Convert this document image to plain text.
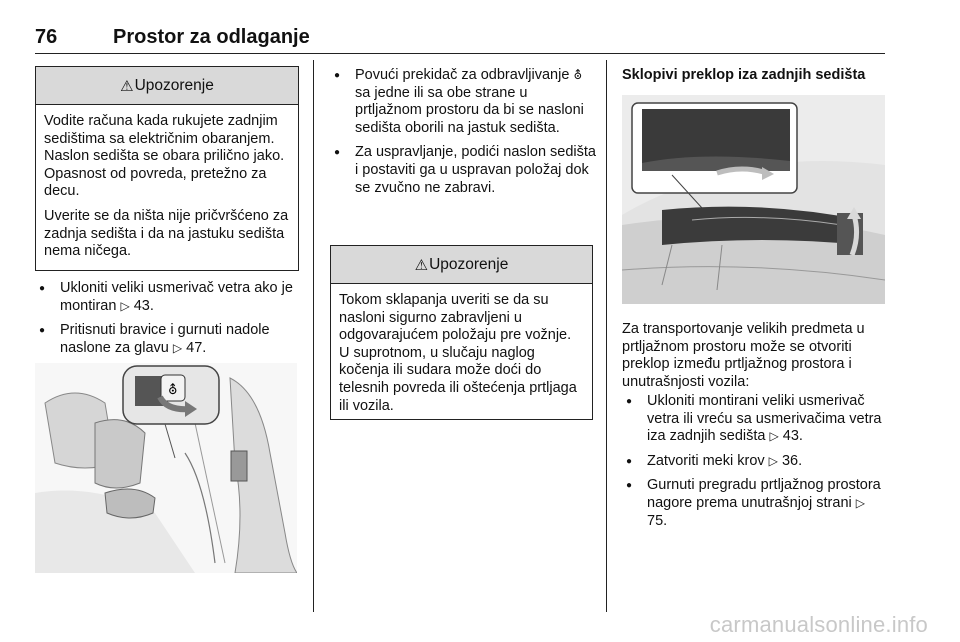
76	Prostor za odlaganje
⚠ Upozorenje

Vodite računa kada rukujete zadnjim sedištima sa električnim obaranjem. Naslon sedišta se obara prilično jako. Opasnost od povreda, pretežno za decu.

Uverite se da ništa nije pričvršćeno za zadnja sedišta i da na jastuku sedišta nema ničega.

● Ukloniti veliki usmerivač vetra ako je montiran ▷ 43.
● Pritisnuti bravice i gurnuti nadole naslone za glavu ▷ 47.
⛢
● Povući prekidač za odbravljivanje ⛢ sa jedne ili sa obe strane u prtljažnom prostoru da bi se nasloni sedišta oborili na jastuk sedišta.
● Za uspravljanje, podići naslon sedišta i postaviti ga u uspravan položaj dok se zvučno ne zabravi.
⚠ Upozorenje

Tokom sklapanja uveriti se da su nasloni sigurno zabravljeni u odgovarajućem položaju pre vožnje. U suprotnom, u slučaju naglog kočenja ili sudara može doći do telesnih povreda ili oštećenja prtljaga ili vozila.

Sklopivi preklop iza zadnjih sedišta

Za transportovanje velikih predmeta u prtljažnom prostoru može se otvoriti preklop između prtljažnog prostora i unutrašnjosti vozila:

● Ukloniti montirani veliki usmerivač vetra ili vreću sa usmerivačima vetra iza zadnjih sedišta ▷ 43.
● Zatvoriti meki krov ▷ 36.
● Gurnuti pregradu prtljažnog prostora nagore prema unutrašnjoj strani ▷ 75.
carmanualsonline.info
